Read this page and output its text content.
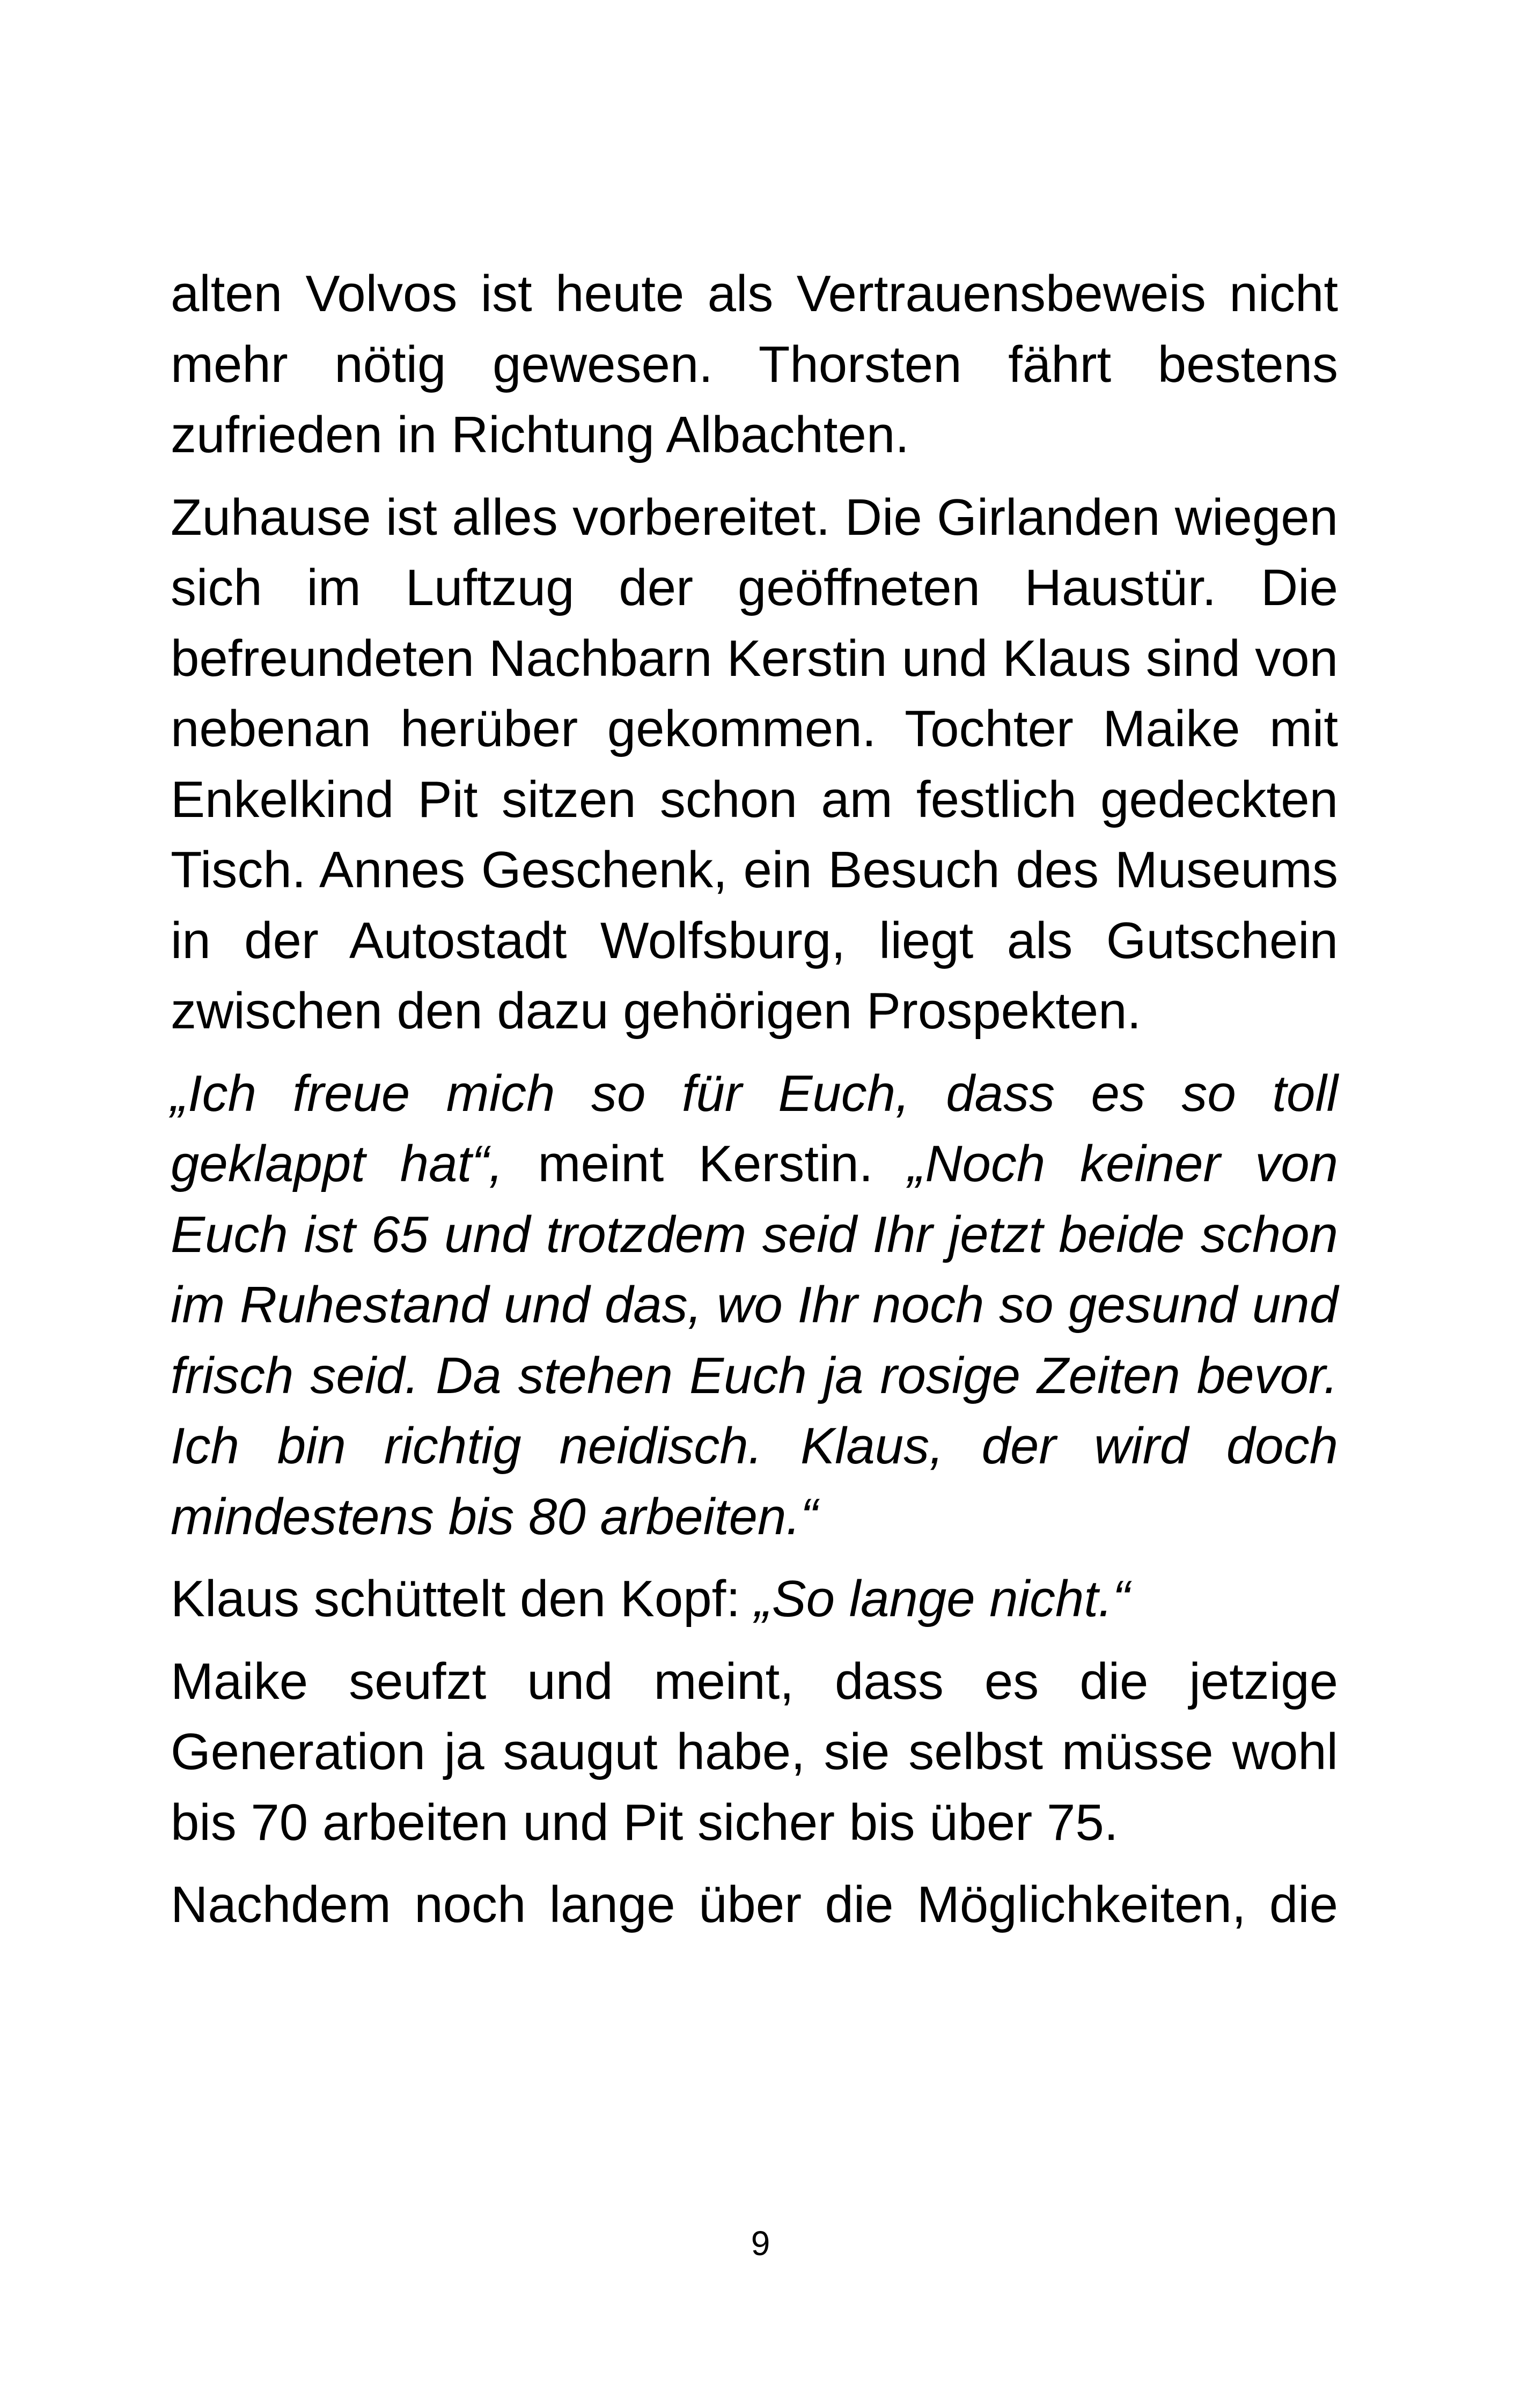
alten Volvos ist heute als Vertrauensbeweis nicht mehr nötig gewesen. Thorsten fährt bestens zufrieden in Richtung Albachten.

Zuhause ist alles vorbereitet. Die Girlanden wiegen sich im Luftzug der geöffneten Haustür. Die befreundeten Nachbarn Kerstin und Klaus sind von nebenan herüber gekommen. Tochter Maike mit Enkelkind Pit sitzen schon am festlich gedeckten Tisch. Annes Geschenk, ein Besuch des Museums in der Autostadt Wolfsburg, liegt als Gutschein zwischen den dazu gehörigen Prospekten.

„Ich freue mich so für Euch, dass es so toll geklappt hat“, meint Kerstin. „Noch keiner von Euch ist 65 und trotzdem seid Ihr jetzt beide schon im Ruhestand und das, wo Ihr noch so gesund und frisch seid. Da stehen Euch ja rosige Zeiten bevor. Ich bin richtig neidisch. Klaus, der wird doch mindestens bis 80 arbeiten.“

Klaus schüttelt den Kopf: „So lange nicht.“

Maike seufzt und meint, dass es die jetzige Generation ja saugut habe, sie selbst müsse wohl bis 70 arbeiten und Pit sicher bis über 75.

Nachdem noch lange über die Möglichkeiten, die

9
